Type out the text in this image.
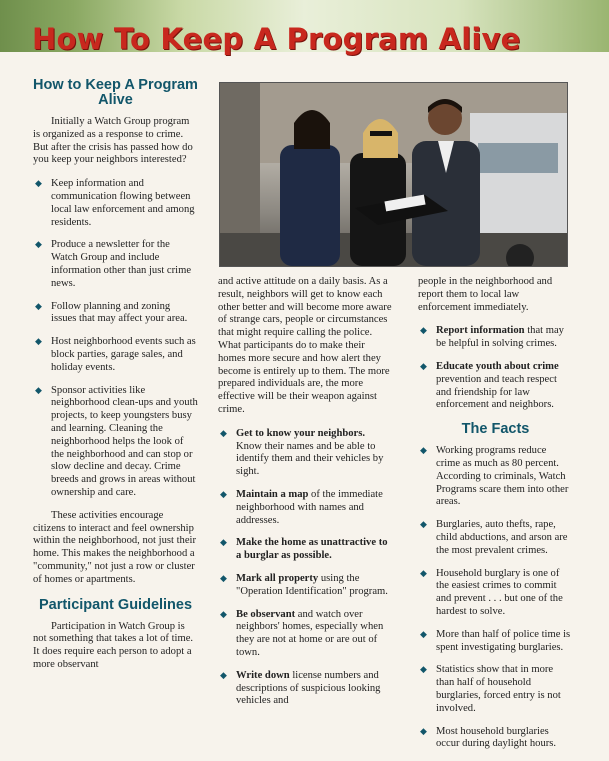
How To Keep A Program Alive
How to Keep A Program Alive

Initially a Watch Group program is organized as a response to crime. But after the crisis has passed how do you keep your neighbors interested?

◆ Keep information and communication flowing between local law enforcement and among residents.
◆ Produce a newsletter for the Watch Group and include information other than just crime news.
◆ Follow planning and zoning issues that may affect your area.
◆ Host neighborhood events such as block parties, garage sales, and holiday events.
◆ Sponsor activities like neighborhood clean-ups and youth projects, to keep youngsters busy and learning. Cleaning the neighborhood helps the look of the neighborhood and can stop or slow decline and decay. Crime breeds and grows in areas without ownership and care.

These activities encourage citizens to interact and feel ownership within the neighborhood, not just their home. This makes the neighborhood a "community," not just a row or cluster of homes or apartments.

Participant Guidelines

Participation in Watch Group is not something that takes a lot of time. It does require each person to adopt a more observant

and active attitude on a daily basis. As a result, neighbors will get to know each other better and will become more aware of strange cars, people or circumstances that might require calling the police. What participants do to make their homes more secure and how alert they become is entirely up to them. The more prepared individuals are, the more effective will be their weapon against crime.

◆ Get to know your neighbors. Know their names and be able to identify them and their vehicles by sight.
◆ Maintain a map of the immediate neighborhood with names and addresses.
◆ Make the home as unattractive to a burglar as possible.
◆ Mark all property using the "Operation Identification" program.
◆ Be observant and watch over neighbors' homes, especially when they are not at home or are out of town.
◆ Write down license numbers and descriptions of suspicious looking vehicles and

people in the neighborhood and report them to local law enforcement immediately.

◆ Report information that may be helpful in solving crimes.
◆ Educate youth about crime prevention and teach respect and friendship for law enforcement and neighbors.
The Facts
◆ Working programs reduce crime as much as 80 percent. According to criminals, Watch Programs scare them into other areas.
◆ Burglaries, auto thefts, rape, child abductions, and arson are the most prevalent crimes.
◆ Household burglary is one of the easiest crimes to commit and prevent . . . but one of the hardest to solve.
◆ More than half of police time is spent investigating burglaries.
◆ Statistics show that in more than half of household burglaries, forced entry is not involved.
◆ Most household burglaries occur during daylight hours.
